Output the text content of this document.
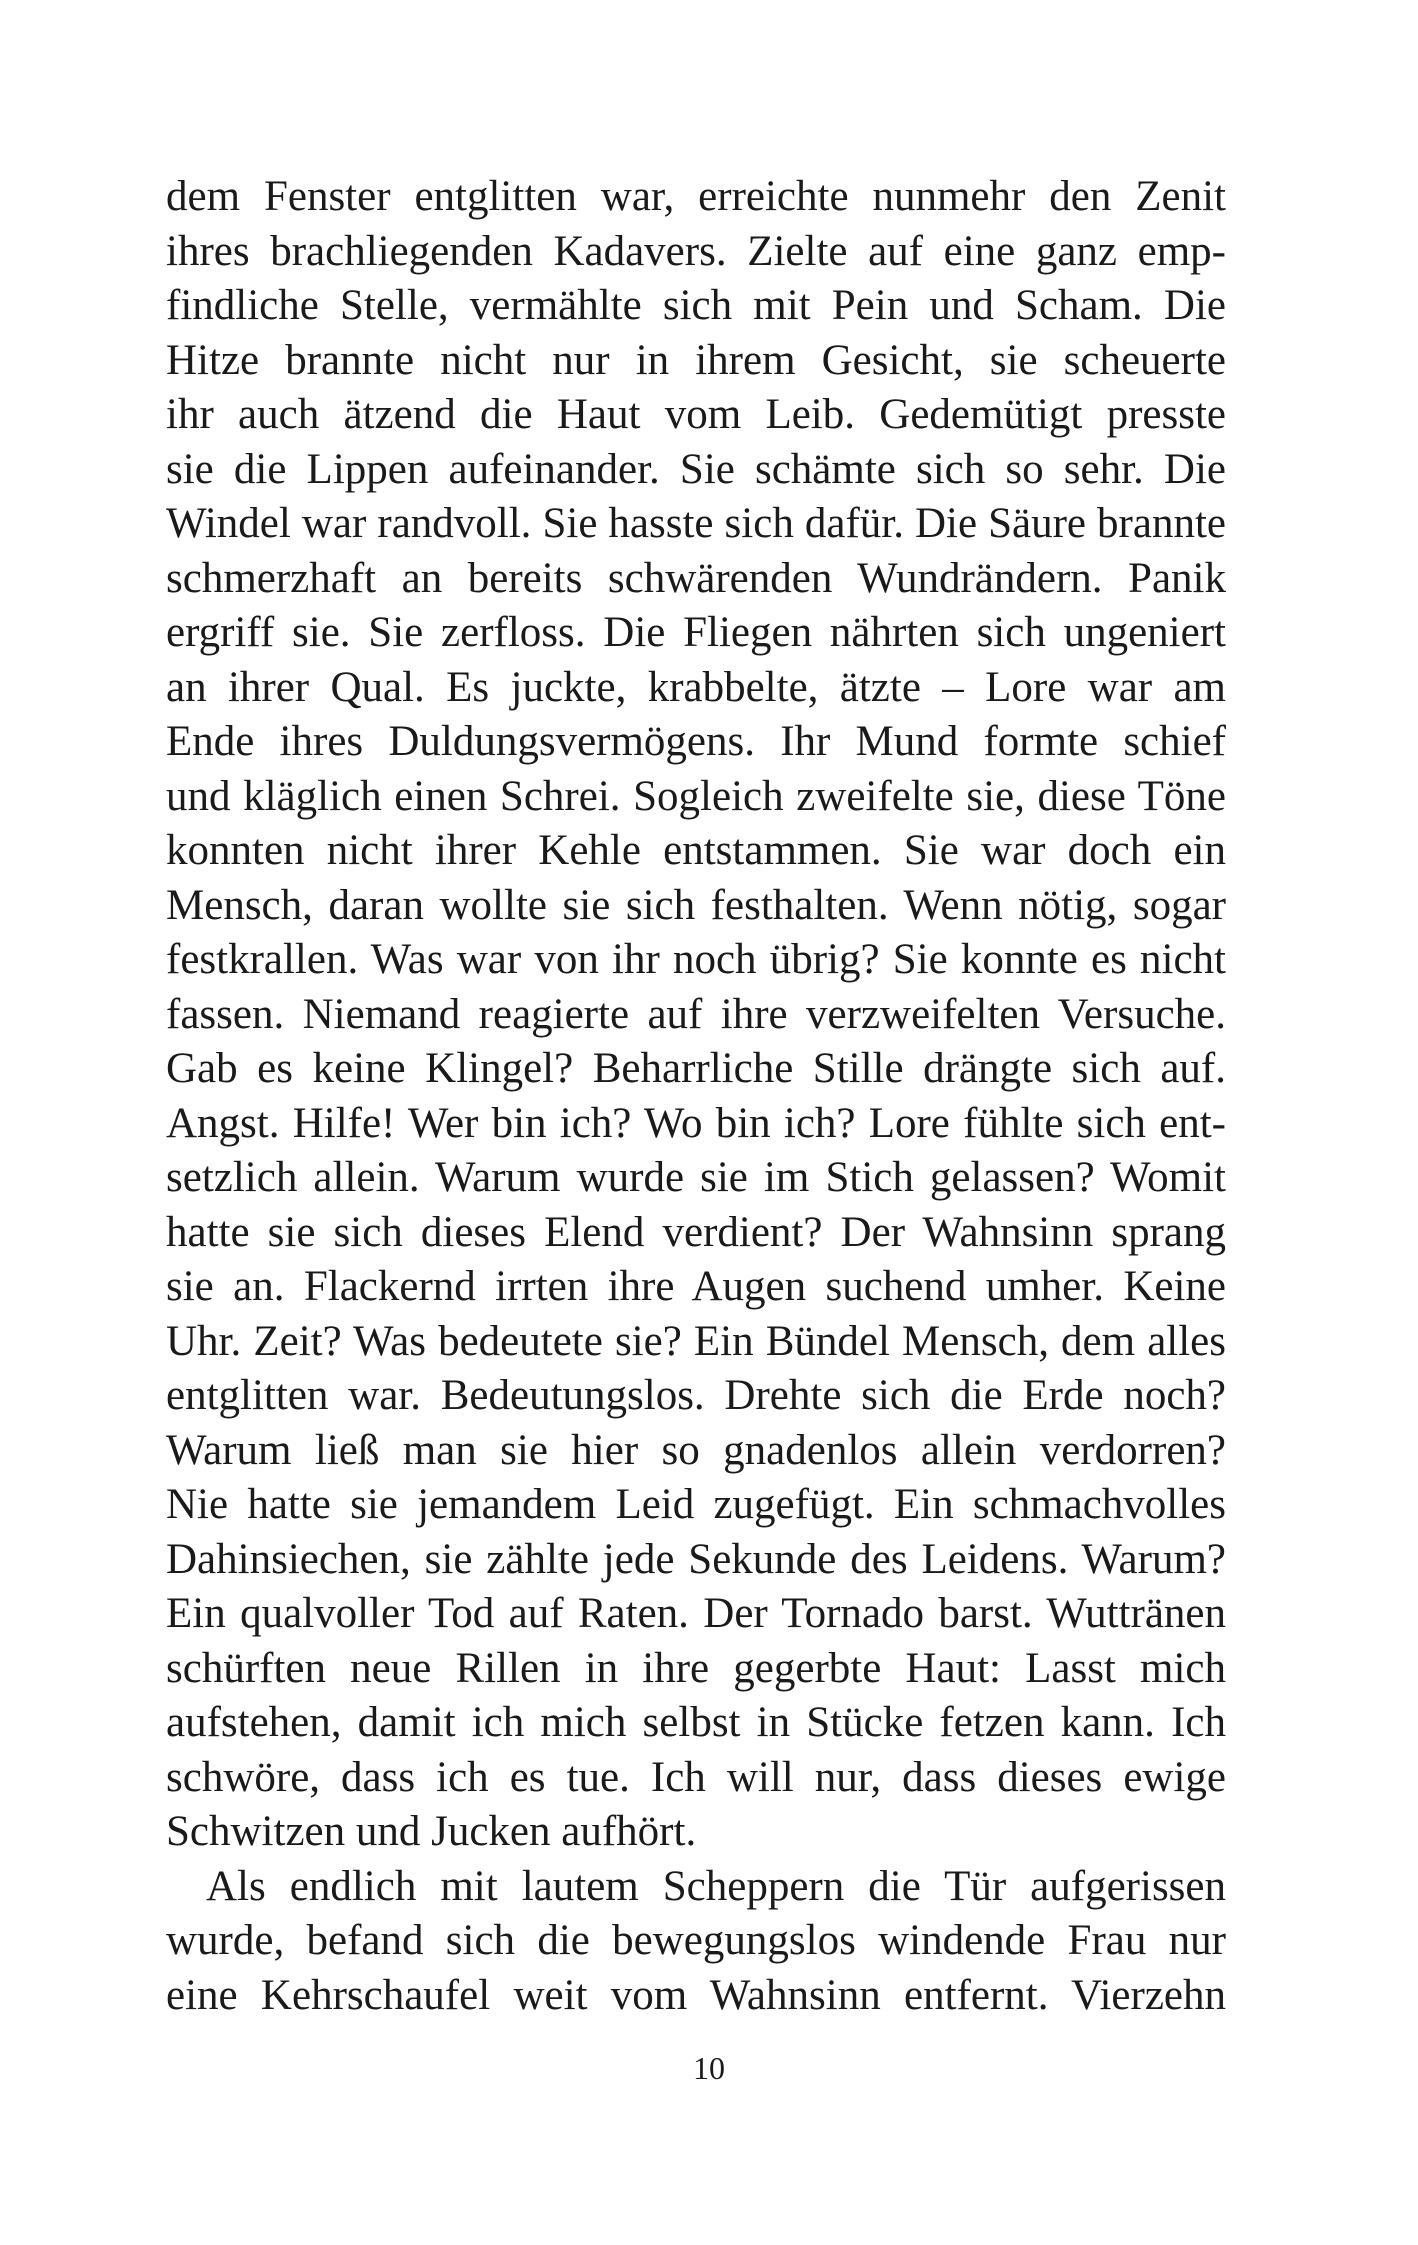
dem Fenster entglitten war, erreichte nunmehr den Zenit
ihres brachliegenden Kadavers. Zielte auf eine ganz emp-
findliche Stelle, vermählte sich mit Pein und Scham. Die
Hitze brannte nicht nur in ihrem Gesicht, sie scheuerte
ihr auch ätzend die Haut vom Leib. Gedemütigt presste
sie die Lippen aufeinander. Sie schämte sich so sehr. Die
Windel war randvoll. Sie hasste sich dafür. Die Säure brannte
schmerzhaft an bereits schwärenden Wundrändern. Panik
ergriff sie. Sie zerfloss. Die Fliegen nährten sich ungeniert
an ihrer Qual. Es juckte, krabbelte, ätzte – Lore war am
Ende ihres Duldungsvermögens. Ihr Mund formte schief
und kläglich einen Schrei. Sogleich zweifelte sie, diese Töne
konnten nicht ihrer Kehle entstammen. Sie war doch ein
Mensch, daran wollte sie sich festhalten. Wenn nötig, sogar
festkrallen. Was war von ihr noch übrig? Sie konnte es nicht
fassen. Niemand reagierte auf ihre verzweifelten Versuche.
Gab es keine Klingel? Beharrliche Stille drängte sich auf.
Angst. Hilfe! Wer bin ich? Wo bin ich? Lore fühlte sich ent-
setzlich allein. Warum wurde sie im Stich gelassen? Womit
hatte sie sich dieses Elend verdient? Der Wahnsinn sprang
sie an. Flackernd irrten ihre Augen suchend umher. Keine
Uhr. Zeit? Was bedeutete sie? Ein Bündel Mensch, dem alles
entglitten war. Bedeutungslos. Drehte sich die Erde noch?
Warum ließ man sie hier so gnadenlos allein verdorren?
Nie hatte sie jemandem Leid zugefügt. Ein schmachvolles
Dahinsiechen, sie zählte jede Sekunde des Leidens. Warum?
Ein qualvoller Tod auf Raten. Der Tornado barst. Wuttränen
schürften neue Rillen in ihre gegerbte Haut: Lasst mich
aufstehen, damit ich mich selbst in Stücke fetzen kann. Ich
schwöre, dass ich es tue. Ich will nur, dass dieses ewige
Schwitzen und Jucken aufhört.
Als endlich mit lautem Scheppern die Tür aufgerissen
wurde, befand sich die bewegungslos windende Frau nur
eine Kehrschaufel weit vom Wahnsinn entfernt. Vierzehn
10
